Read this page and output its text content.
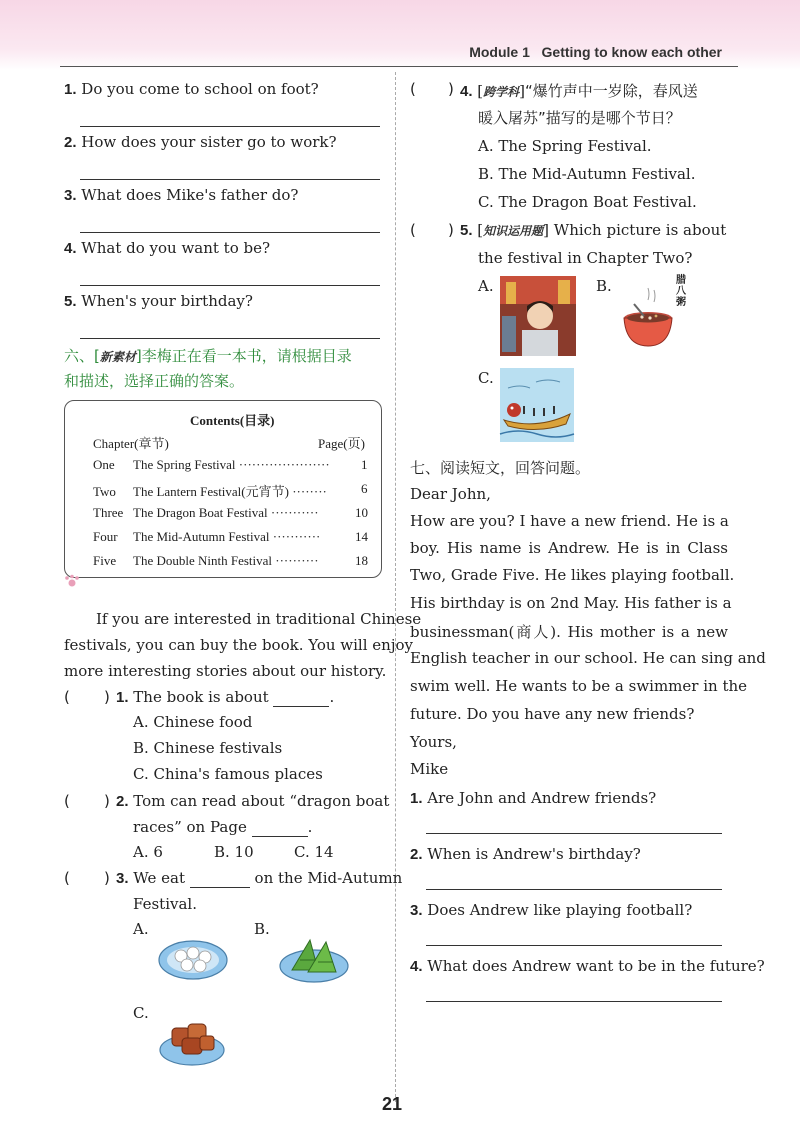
Module 1 Getting to know each other
1. Do you come to school on foot?
2. How does your sister go to work?
3. What does Mike's father do?
4. What do you want to be?
5. When's your birthday?
六、[新素材]李梅正在看一本书，请根据目录
和描述，选择正确的答案。
Contents(目录)
Chapter(章节)	Page(页)
One The Spring Festival ····················· 1
Two The Lantern Festival(元宵节) ········	6
Three The Dragon Boat Festival ···········	10
Four The Mid-Autumn Festival ···········	14
Five The Double Ninth Festival ··········	18
If you are interested in traditional Chinese
festivals, you can buy the book. You will enjoy
more interesting stories about our history.
( ) 1. The book is about	.
A. Chinese food
B. Chinese festivals
C. China's famous places
( ) 2. Tom can read about “dragon boat
races” on Page	.
A. 6	B. 10	C. 14
( ) 3. We eat	on the Mid-Autumn
Festival.
A.	B.
C.
( ) 4. [跨学科]“爆竹声中一岁除，春风送
暖入屠苏”描写的是哪个节日？
A. The Spring Festival.
B. The Mid-Autumn Festival.
C. The Dragon Boat Festival.
( ) 5. [知识运用题] Which picture is about
the festival in Chapter Two?
A.	B.
C.
腊八粥
七、阅读短文，回答问题。
Dear John,
How are you? I have a new friend. He is a
boy. His name is Andrew. He is in Class
Two, Grade Five. He likes playing football.
His birthday is on 2nd May. His father is a
businessman(商人). His mother is a new
English teacher in our school. He can sing and
swim well. He wants to be a swimmer in the
future. Do you have any new friends?
Yours,
Mike
1. Are John and Andrew friends?
2. When is Andrew's birthday?
3. Does Andrew like playing football?
4. What does Andrew want to be in the future?
21
